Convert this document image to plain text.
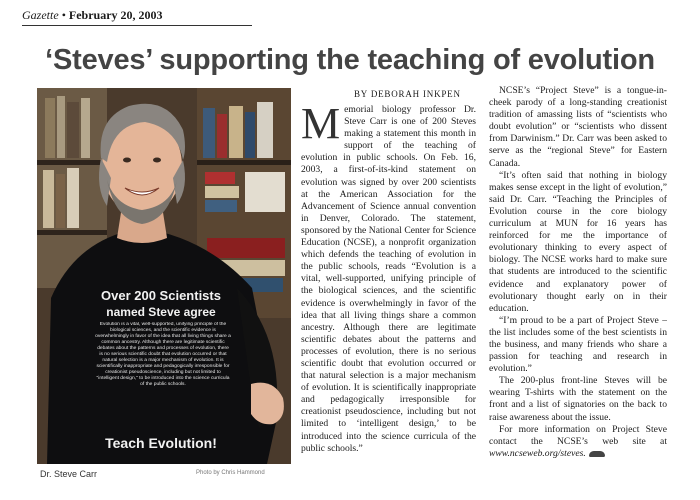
Gazette • February 20, 2003
‘Steves’ supporting the teaching of evolution
Over 200 Scientists
named Steve agree
Evolution is a vital, well-supported, unifying principle of the biological sciences, and the scientific evidence is overwhelmingly in favor of the idea that all living things share a common ancestry. Although there are legitimate scientific debates about the patterns and processes of evolution, there is no serious scientific doubt that evolution occurred or that natural selection is a major mechanism of evolution. It is scientifically inappropriate and pedagogically irresponsible for creationist pseudoscience, including but not limited to "intelligent design," to be introduced into the science curricula of the public schools.
Teach Evolution!
Dr. Steve Carr	Photo by Chris Hammond
BY DEBORAH INKPEN

Memorial biology professor Dr. Steve Carr is one of 200 Steves making a statement this month in support of the teaching of evolution in public schools. On Feb. 16, 2003, a first-of-its-kind statement on evolution was signed by over 200 scientists at the American Association for the Advancement of Science annual convention in Denver, Colorado. The statement, sponsored by the National Center for Science Education (NCSE), a nonprofit organization which defends the teaching of evolution in the public schools, reads “Evolution is a vital, well-supported, unifying principle of the biological sciences, and the scientific evidence is overwhelmingly in favor of the idea that all living things share a common ancestry. Although there are legitimate scientific debates about the patterns and processes of evolution, there is no serious scientific doubt that evolution occurred or that natural selection is a major mechanism of evolution. It is scientifically inappropriate and pedagogically irresponsible for creationist pseudoscience, including but not limited to ‘intelligent design,’ to be introduced into the science curricula of the public schools.”

NCSE’s “Project Steve” is a tongue-in-cheek parody of a long-standing creationist tradition of amassing lists of “scientists who doubt evolution” or “scientists who dissent from Darwinism.” Dr. Carr was been asked to serve as the “regional Steve” for Eastern Canada.

“It’s often said that nothing in biology makes sense except in the light of evolution,” said Dr. Carr. “Teaching the Principles of Evolution course in the core biology curriculum at MUN for 16 years has reinforced for me the importance of evolutionary thinking to every aspect of biology. The NCSE works hard to make sure that students are introduced to the scientific evidence and explanatory power of evolutionary thought early on in their education.

“I’m proud to be a part of Project Steve – the list includes some of the best scientists in the business, and many friends who share a passion for teaching and research in evolution.”

The 200-plus front-line Steves will be wearing T-shirts with the statement on the front and a list of signatories on the back to raise awareness about the issue.

For more information on Project Steve contact the NCSE’s web site at www.ncseweb.org/steves.
